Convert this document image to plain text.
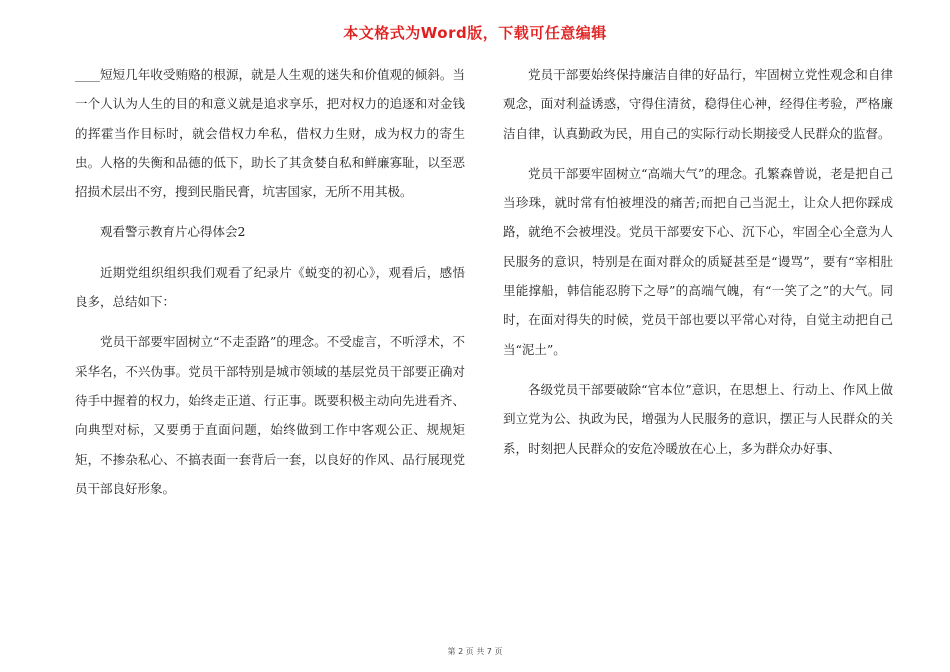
本文格式为Word版，下载可任意编辑

____短短几年收受贿赂的根源，就是人生观的迷失和价值观的倾斜。当一个人认为人生的目的和意义就是追求享乐，把对权力的追逐和对金钱的挥霍当作目标时，就会借权力牟私，借权力生财，成为权力的寄生虫。人格的失衡和品德的低下，助长了其贪婪自私和鲜廉寡耻，以至恶招损术层出不穷，搜到民脂民膏，坑害国家，无所不用其极。

观看警示教育片心得体会2

近期党组织组织我们观看了纪录片《蜕变的初心》，观看后，感悟良多，总结如下：

党员干部要牢固树立“不走歪路”的理念。不受虚言，不听浮术，不采华名，不兴伪事。党员干部特别是城市领域的基层党员干部要正确对待手中握着的权力，始终走正道、行正事。既要积极主动向先进看齐、向典型对标，又要勇于直面问题，始终做到工作中客观公正、规规矩矩，不掺杂私心、不搞表面一套背后一套，以良好的作风、品行展现党员干部良好形象。

党员干部要始终保持廉洁自律的好品行，牢固树立党性观念和自律观念，面对利益诱惑，守得住清贫，稳得住心神，经得住考验，严格廉洁自律，认真勤政为民，用自己的实际行动长期接受人民群众的监督。

党员干部要牢固树立“高端大气”的理念。孔繁森曾说，老是把自己当珍珠，就时常有怕被埋没的痛苦;而把自己当泥土，让众人把你踩成路，就绝不会被埋没。党员干部要安下心、沉下心，牢固全心全意为人民服务的意识，特别是在面对群众的质疑甚至是“谩骂”，要有“宰相肚里能撑船，韩信能忍胯下之辱”的高端气魄，有“一笑了之”的大气。同时，在面对得失的时候，党员干部也要以平常心对待，自觉主动把自己当“泥土”。

各级党员干部要破除“官本位”意识，在思想上、行动上、作风上做到立党为公、执政为民，增强为人民服务的意识，摆正与人民群众的关系，时刻把人民群众的安危冷暖放在心上，多为群众办好事、

第 2 页 共 7 页
